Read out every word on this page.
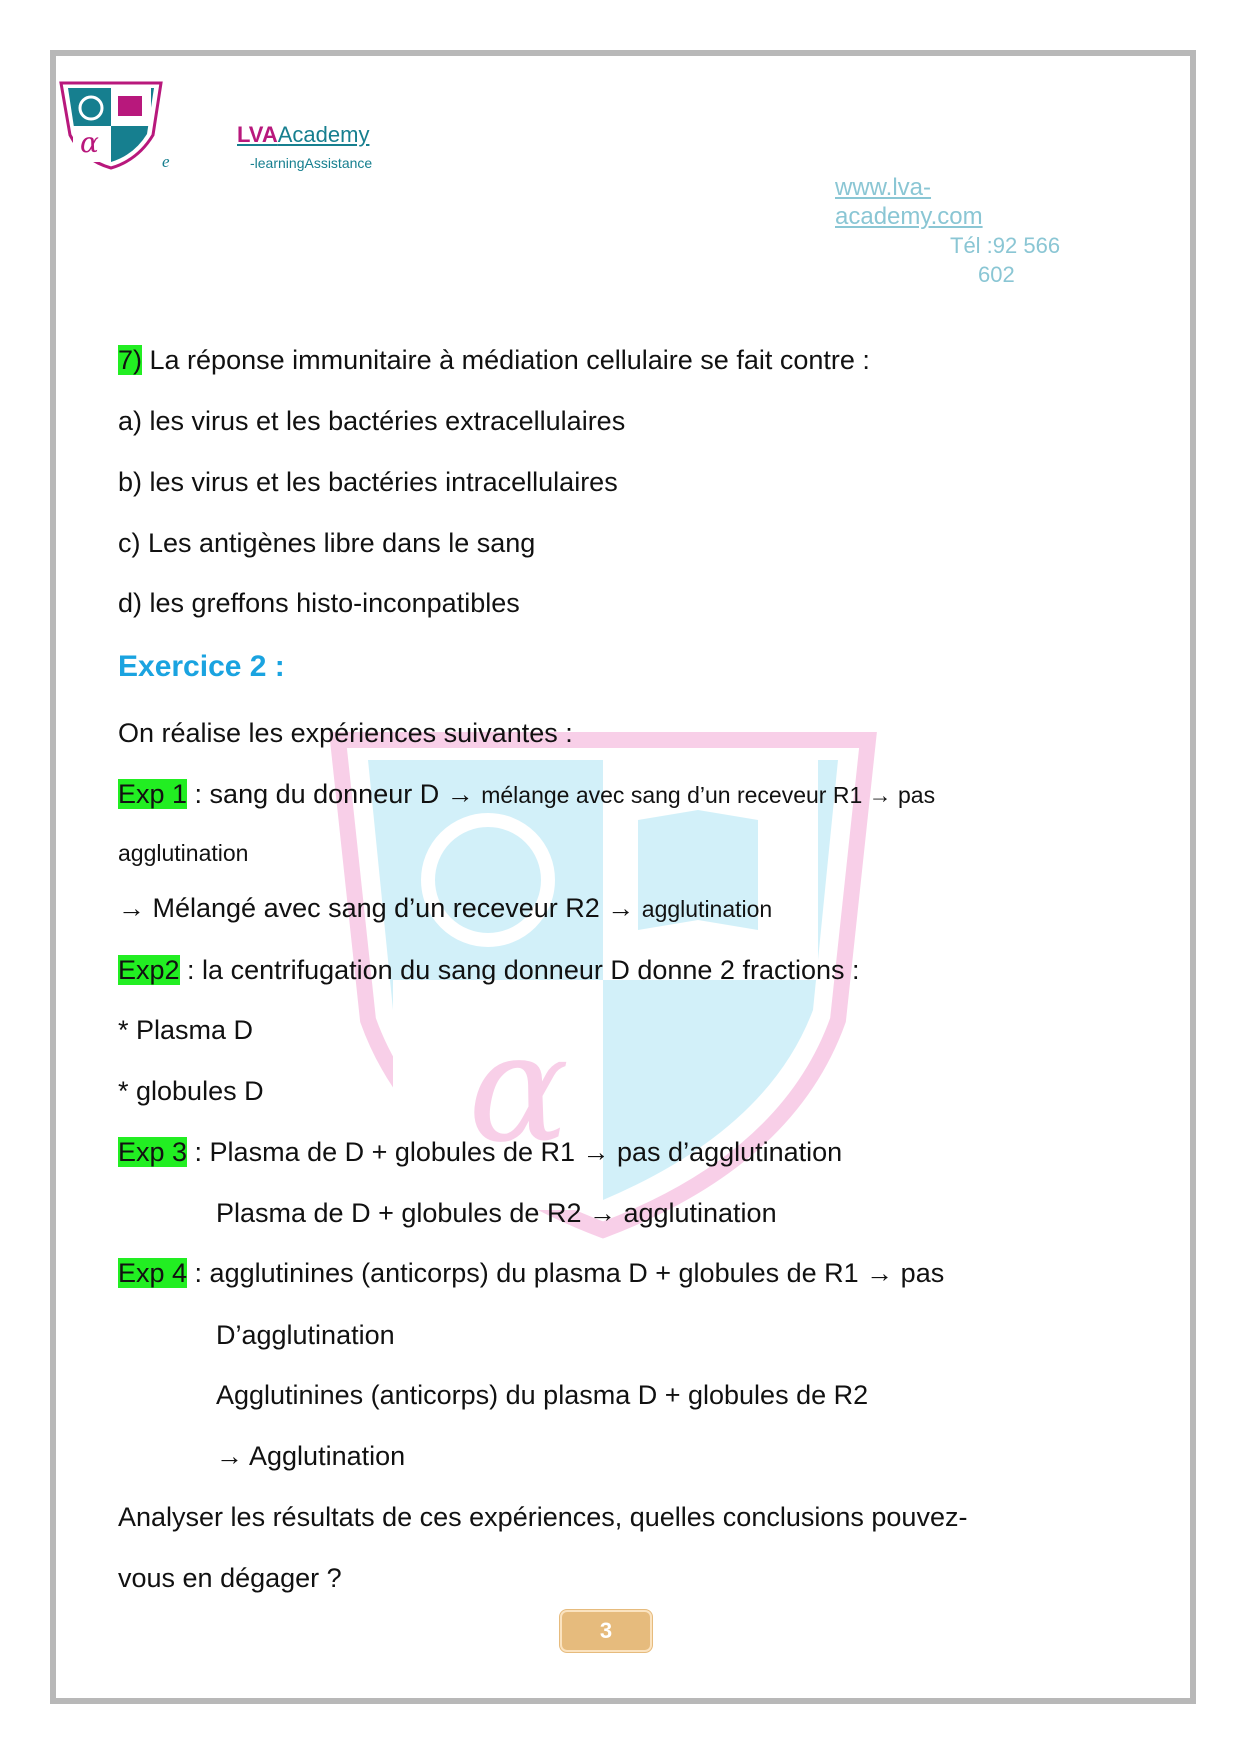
α
α
e
LVAAcademy
-learningAssistance
www.lva-
academy.com
Tél :92 566
602
7) La réponse immunitaire à médiation cellulaire se fait contre :
a) les virus et les bactéries extracellulaires
b) les virus et les bactéries intracellulaires
c) Les antigènes libre dans le sang
d) les greffons histo-inconpatibles
Exercice 2 :
On réalise les expériences suivantes :
Exp 1 : sang du donneur D → mélange avec sang d’un receveur R1 → pas
agglutination
→ Mélangé avec sang d’un receveur R2 → agglutination
Exp2 : la centrifugation du sang donneur D donne 2 fractions :
* Plasma D
* globules D
Exp 3 : Plasma de D + globules de R1 → pas d’agglutination
Plasma de D + globules de R2 → agglutination
Exp 4 : agglutinines (anticorps) du plasma D + globules de R1 → pas
D’agglutination
Agglutinines (anticorps) du plasma D + globules de R2
→ Agglutination
Analyser les résultats de ces expériences, quelles conclusions pouvez-
vous en dégager ?
3
